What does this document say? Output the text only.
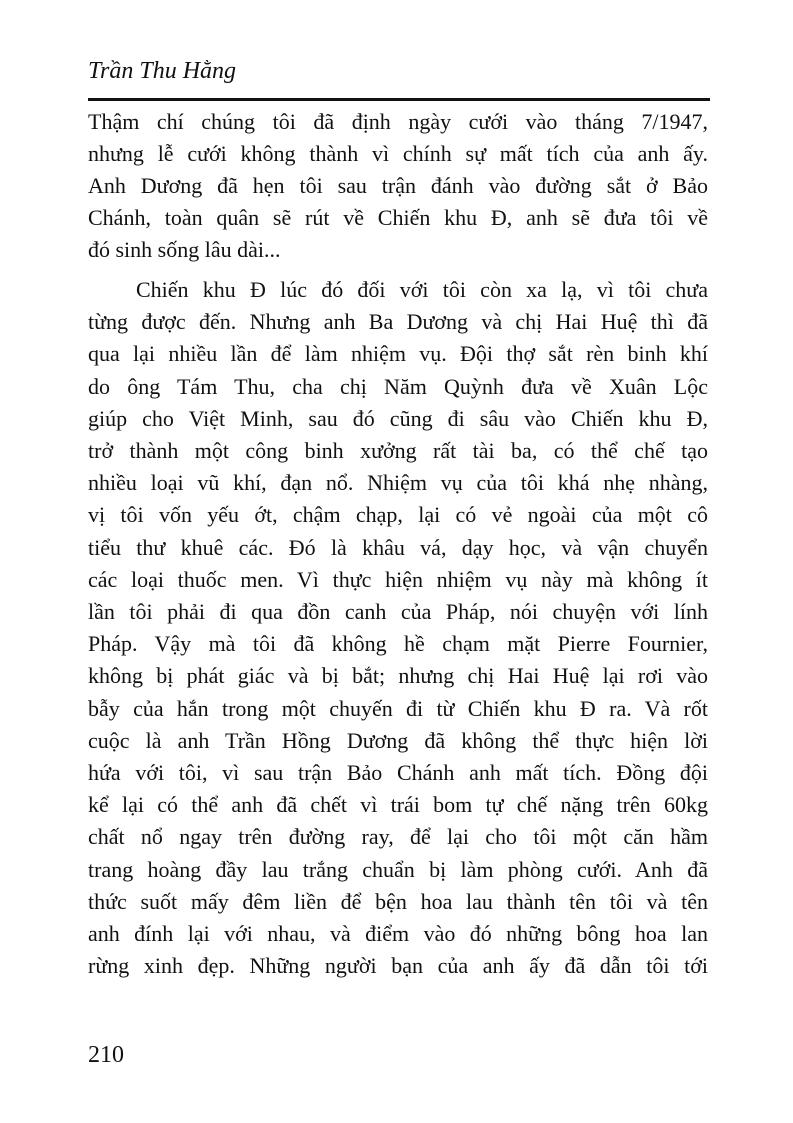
Trần Thu Hằng
Thậm chí chúng tôi đã định ngày cưới vào tháng 7/1947,
nhưng lễ cưới không thành vì chính sự mất tích của anh ấy.
Anh Dương đã hẹn tôi sau trận đánh vào đường sắt ở Bảo
Chánh, toàn quân sẽ rút về Chiến khu Đ, anh sẽ đưa tôi về
đó sinh sống lâu dài...
Chiến khu Đ lúc đó đối với tôi còn xa lạ, vì tôi chưa
từng được đến. Nhưng anh Ba Dương và chị Hai Huệ thì đã
qua lại nhiều lần để làm nhiệm vụ. Đội thợ sắt rèn binh khí
do ông Tám Thu, cha chị Năm Quỳnh đưa về Xuân Lộc
giúp cho Việt Minh, sau đó cũng đi sâu vào Chiến khu Đ,
trở thành một công binh xưởng rất tài ba, có thể chế tạo
nhiều loại vũ khí, đạn nổ. Nhiệm vụ của tôi khá nhẹ nhàng,
vị tôi vốn yếu ớt, chậm chạp, lại có vẻ ngoài của một cô
tiểu thư khuê các. Đó là khâu vá, dạy học, và vận chuyển
các loại thuốc men. Vì thực hiện nhiệm vụ này mà không ít
lần tôi phải đi qua đồn canh của Pháp, nói chuyện với lính
Pháp. Vậy mà tôi đã không hề chạm mặt Pierre Fournier,
không bị phát giác và bị bắt; nhưng chị Hai Huệ lại rơi vào
bẫy của hắn trong một chuyến đi từ Chiến khu Đ ra. Và rốt
cuộc là anh Trần Hồng Dương đã không thể thực hiện lời
hứa với tôi, vì sau trận Bảo Chánh anh mất tích. Đồng đội
kể lại có thể anh đã chết vì trái bom tự chế nặng trên 60kg
chất nổ ngay trên đường ray, để lại cho tôi một căn hầm
trang hoàng đầy lau trắng chuẩn bị làm phòng cưới. Anh đã
thức suốt mấy đêm liền để bện hoa lau thành tên tôi và tên
anh đính lại với nhau, và điểm vào đó những bông hoa lan
rừng xinh đẹp. Những người bạn của anh ấy đã dẫn tôi tới
210
